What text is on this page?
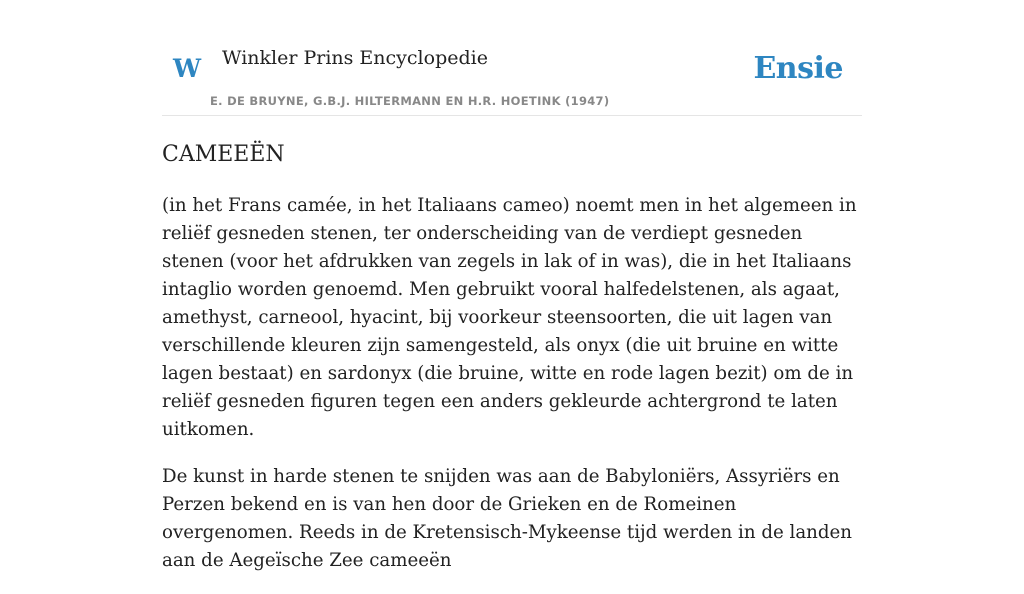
W Winkler Prins Encyclopedie
E. DE BRUYNE, G.B.J. HILTERMANN EN H.R. HOETINK (1947)
Ensie
CAMEEËN

(in het Frans camée, in het Italiaans cameo) noemt men in het algemeen in reliëf gesneden stenen, ter onderscheiding van de verdiept gesneden stenen (voor het afdrukken van zegels in lak of in was), die in het Italiaans intaglio worden genoemd. Men gebruikt vooral halfedelstenen, als agaat, amethyst, carneool, hyacint, bij voorkeur steensoorten, die uit lagen van verschillende kleuren zijn samengesteld, als onyx (die uit bruine en witte lagen bestaat) en sardonyx (die bruine, witte en rode lagen bezit) om de in reliëf gesneden figuren tegen een anders gekleurde achtergrond te laten uitkomen.

De kunst in harde stenen te snijden was aan de Babyloniërs, Assyriërs en Perzen bekend en is van hen door de Grieken en de Romeinen overgenomen. Reeds in de Kretensisch-Mykeense tijd werden in de landen aan de Aegeïsche Zee cameeën
